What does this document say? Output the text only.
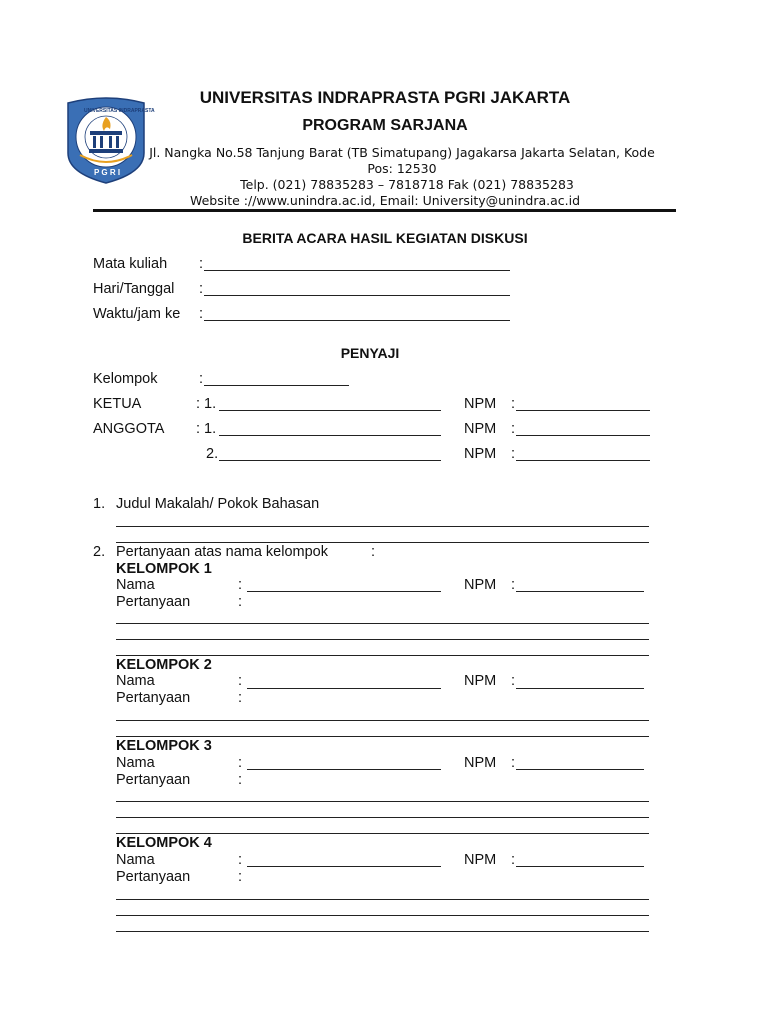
UNIVERSITAS INDRAPRASTA
P G R I
UNIVERSITAS INDRAPRASTA PGRI JAKARTA
PROGRAM SARJANA
Jl. Nangka No.58 Tanjung Barat (TB Simatupang) Jagakarsa Jakarta Selatan, Kode
Pos: 12530
Telp. (021) 78835283 – 7818718 Fak (021) 78835283
Website ://www.unindra.ac.id, Email: University@unindra.ac.id
BERITA ACARA HASIL KEGIATAN DISKUSI
Mata kuliah :
Hari/Tanggal :
Waktu/jam ke :
PENYAJI
Kelompok	:
KETUA	: 1.	NPM :
ANGGOTA : 1.	NPM :
2.	NPM :
1. Judul Makalah/ Pokok Bahasan
2. Pertanyaan atas nama kelompok	:
KELOMPOK 1
Nama	:	NPM :
Pertanyaan	:
KELOMPOK 2
Nama	:	NPM :
Pertanyaan	:
KELOMPOK 3
Nama	:	NPM :
Pertanyaan	:
KELOMPOK 4
Nama	:	NPM :
Pertanyaan	:
